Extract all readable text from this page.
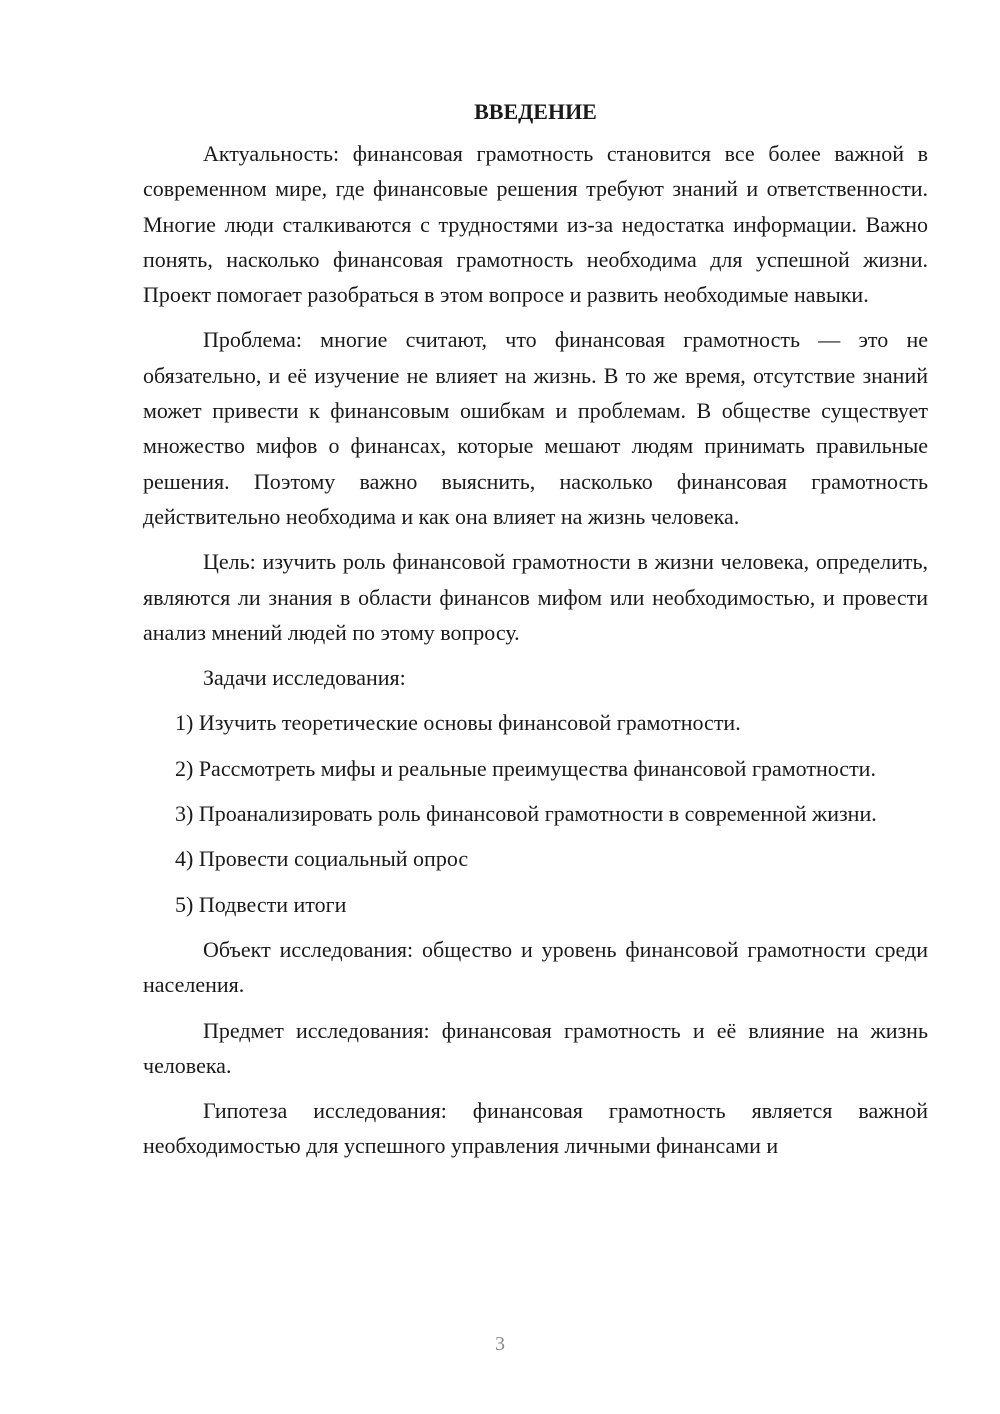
ВВЕДЕНИЕ

Актуальность: финансовая грамотность становится все более важной в современном мире, где финансовые решения требуют знаний и ответственности. Многие люди сталкиваются с трудностями из-за недостатка информации. Важно понять, насколько финансовая грамотность необходима для успешной жизни. Проект помогает разобраться в этом вопросе и развить необходимые навыки.

Проблема: многие считают, что финансовая грамотность — это не обязательно, и её изучение не влияет на жизнь. В то же время, отсутствие знаний может привести к финансовым ошибкам и проблемам. В обществе существует множество мифов о финансах, которые мешают людям принимать правильные решения. Поэтому важно выяснить, насколько финансовая грамотность действительно необходима и как она влияет на жизнь человека.

Цель: изучить роль финансовой грамотности в жизни человека, определить, являются ли знания в области финансов мифом или необходимостью, и провести анализ мнений людей по этому вопросу.

Задачи исследования:

1) Изучить теоретические основы финансовой грамотности.

2) Рассмотреть мифы и реальные преимущества финансовой грамотности.

3) Проанализировать роль финансовой грамотности в современной жизни.

4) Провести социальный опрос

5) Подвести итоги

Объект исследования: общество и уровень финансовой грамотности среди населения.

Предмет исследования: финансовая грамотность и её влияние на жизнь человека.

Гипотеза исследования: финансовая грамотность является важной необходимостью для успешного управления личными финансами и

3
